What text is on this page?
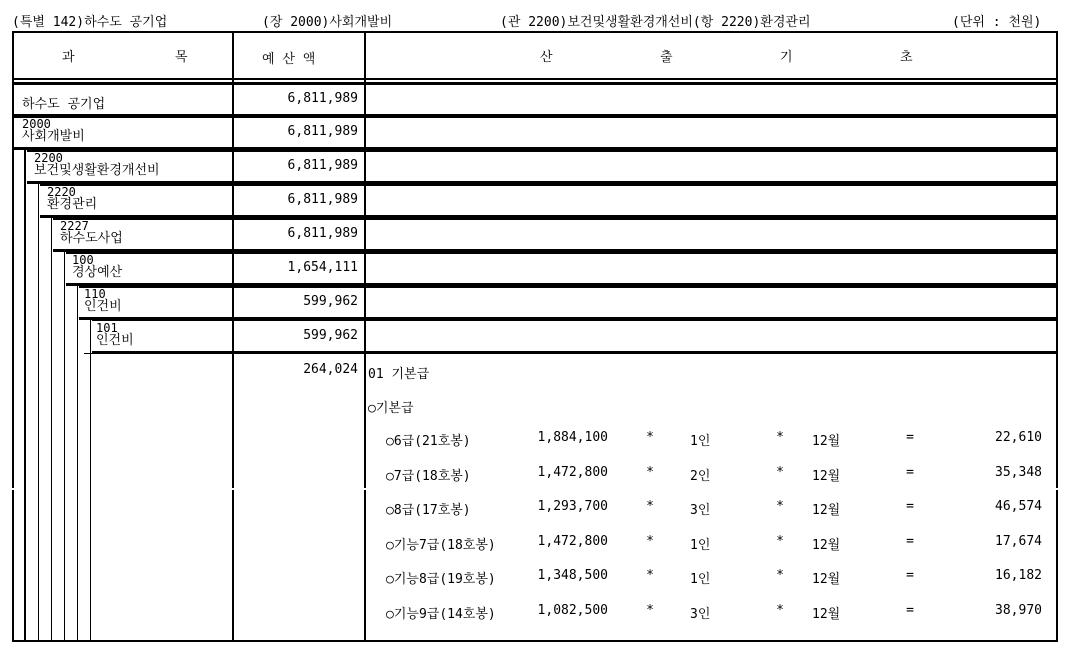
(특별 142)하수도 공기업	(장 2000)사회개발비	(관 2200)보건및생활환경개선비(항 2220)환경관리	(단위 : 천원)
과	목	예 산 액	산	출	기	초
하수도 공기업	6,811,989
2000
사회개발비	6,811,989
2200
보건및생활환경개선비	6,811,989
2220
환경관리	6,811,989
2227
하수도사업	6,811,989
100
경상예산	1,654,111
110
인건비	599,962
101
인건비	599,962
264,024 01 기본급
○기본급
○6급(21호봉)	1,884,100	*	1인	*	12월	=	22,610
○7급(18호봉)	1,472,800	*	2인	*	12월	=	35,348
○8급(17호봉)	1,293,700	*	3인	*	12월	=	46,574
○기능7급(18호봉)	1,472,800	*	1인	*	12월	=	17,674
○기능8급(19호봉)	1,348,500	*	1인	*	12월	=	16,182
○기능9급(14호봉)	1,082,500	*	3인	*	12월	=	38,970
